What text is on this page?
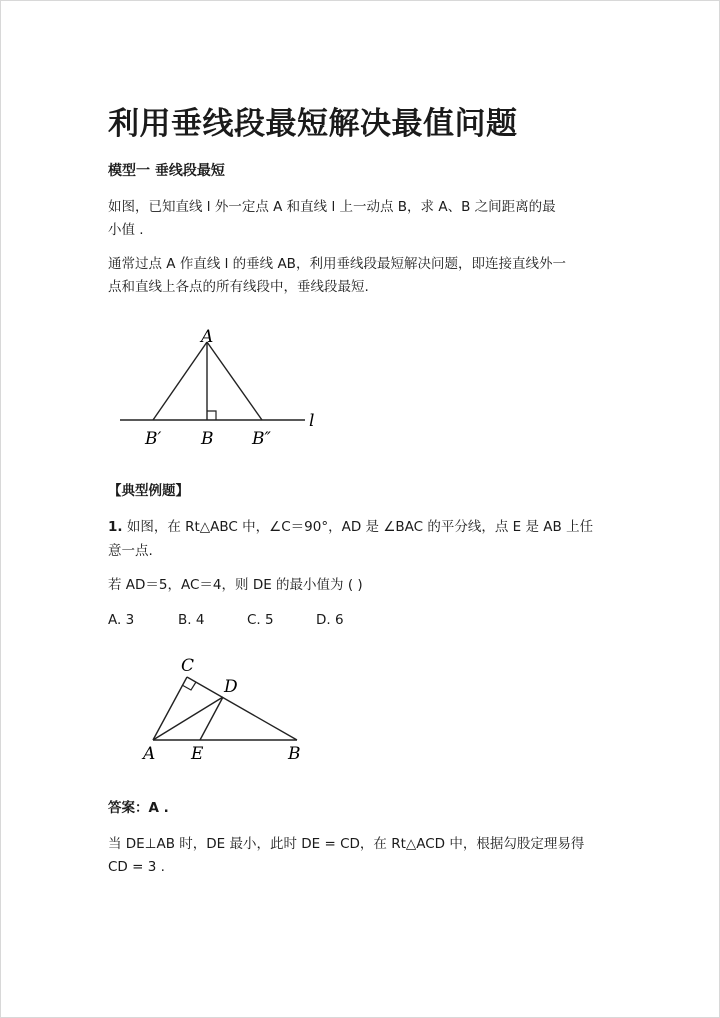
利用垂线段最短解决最值问题
模型一 垂线段最短
如图，已知直线 l 外一定点 A 和直线 l 上一动点 B，求 A、B 之间距离的最
小值 .
通常过点 A 作直线 l 的垂线 AB，利用垂线段最短解决问题，即连接直线外一
点和直线上各点的所有线段中，垂线段最短.
A
B′ B B″
l
【典型例题】
1. 如图，在 Rt△ABC 中，∠C＝90°，AD 是 ∠BAC 的平分线，点 E 是 AB 上任
意一点.
若 AD＝5，AC＝4，则 DE 的最小值为 ( )
A. 3	B. 4	C. 5	D. 6
C
D
A E	B
答案：A .
当 DE⊥AB 时，DE 最小，此时 DE = CD，在 Rt△ACD 中，根据勾股定理易得
CD = 3 .
